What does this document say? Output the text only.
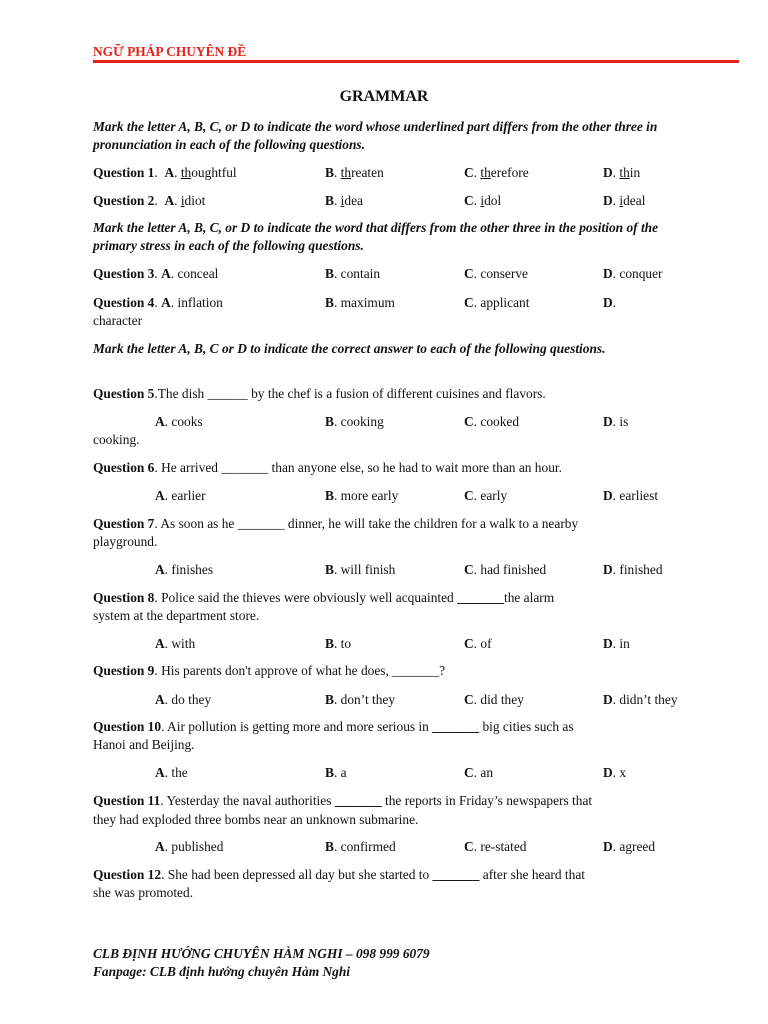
NGỮ PHÁP CHUYÊN ĐỀ
GRAMMAR
Mark the letter A, B, C, or D to indicate the word whose underlined part differs from the other three in pronunciation in each of the following questions.
Question 1.  A. thoughtful	B. threaten	C. therefore	D. thin
Question 2.  A. idiot	B. idea	C. idol	D. ideal
Mark the letter A, B, C, or D to indicate the word that differs from the other three in the position of the primary stress in each of the following questions.
Question 3. A. conceal	B. contain	C. conserve	D. conquer
Question 4. A. inflation	B. maximum	C. applicant	D.
character
Mark the letter A, B, C or D to indicate the correct answer to each of the following questions.
Question 5.The dish ______ by the chef is a fusion of different cuisines and flavors.
A. cooks	B. cooking	C. cooked	D. is
cooking.
Question 6. He arrived _______ than anyone else, so he had to wait more than an hour.
A. earlier	B. more early	C. early	D. earliest
Question 7. As soon as he _______ dinner, he will take the children for a walk to a nearby
playground.
A. finishes	B. will finish	C. had finished	D. finished
Question 8. Police said the thieves were obviously well acquainted _______the alarm
system at the department store.
A. with	B. to	C. of	D. in
Question 9. His parents don't approve of what he does, _______?
A. do they	B. don’t they	C. did they	D. didn’t they
Question 10. Air pollution is getting more and more serious in _______ big cities such as
Hanoi and Beijing.
A. the	B. a	C. an	D. x
Question 11. Yesterday the naval authorities _______ the reports in Friday’s newspapers that
they had exploded three bombs near an unknown submarine.
A. published	B. confirmed	C. re-stated	D. agreed
Question 12. She had been depressed all day but she started to _______ after she heard that
she was promoted.
CLB ĐỊNH HƯỚNG CHUYÊN HÀM NGHI – 098 999 6079
Fanpage: CLB định hướng chuyên Hàm Nghi
